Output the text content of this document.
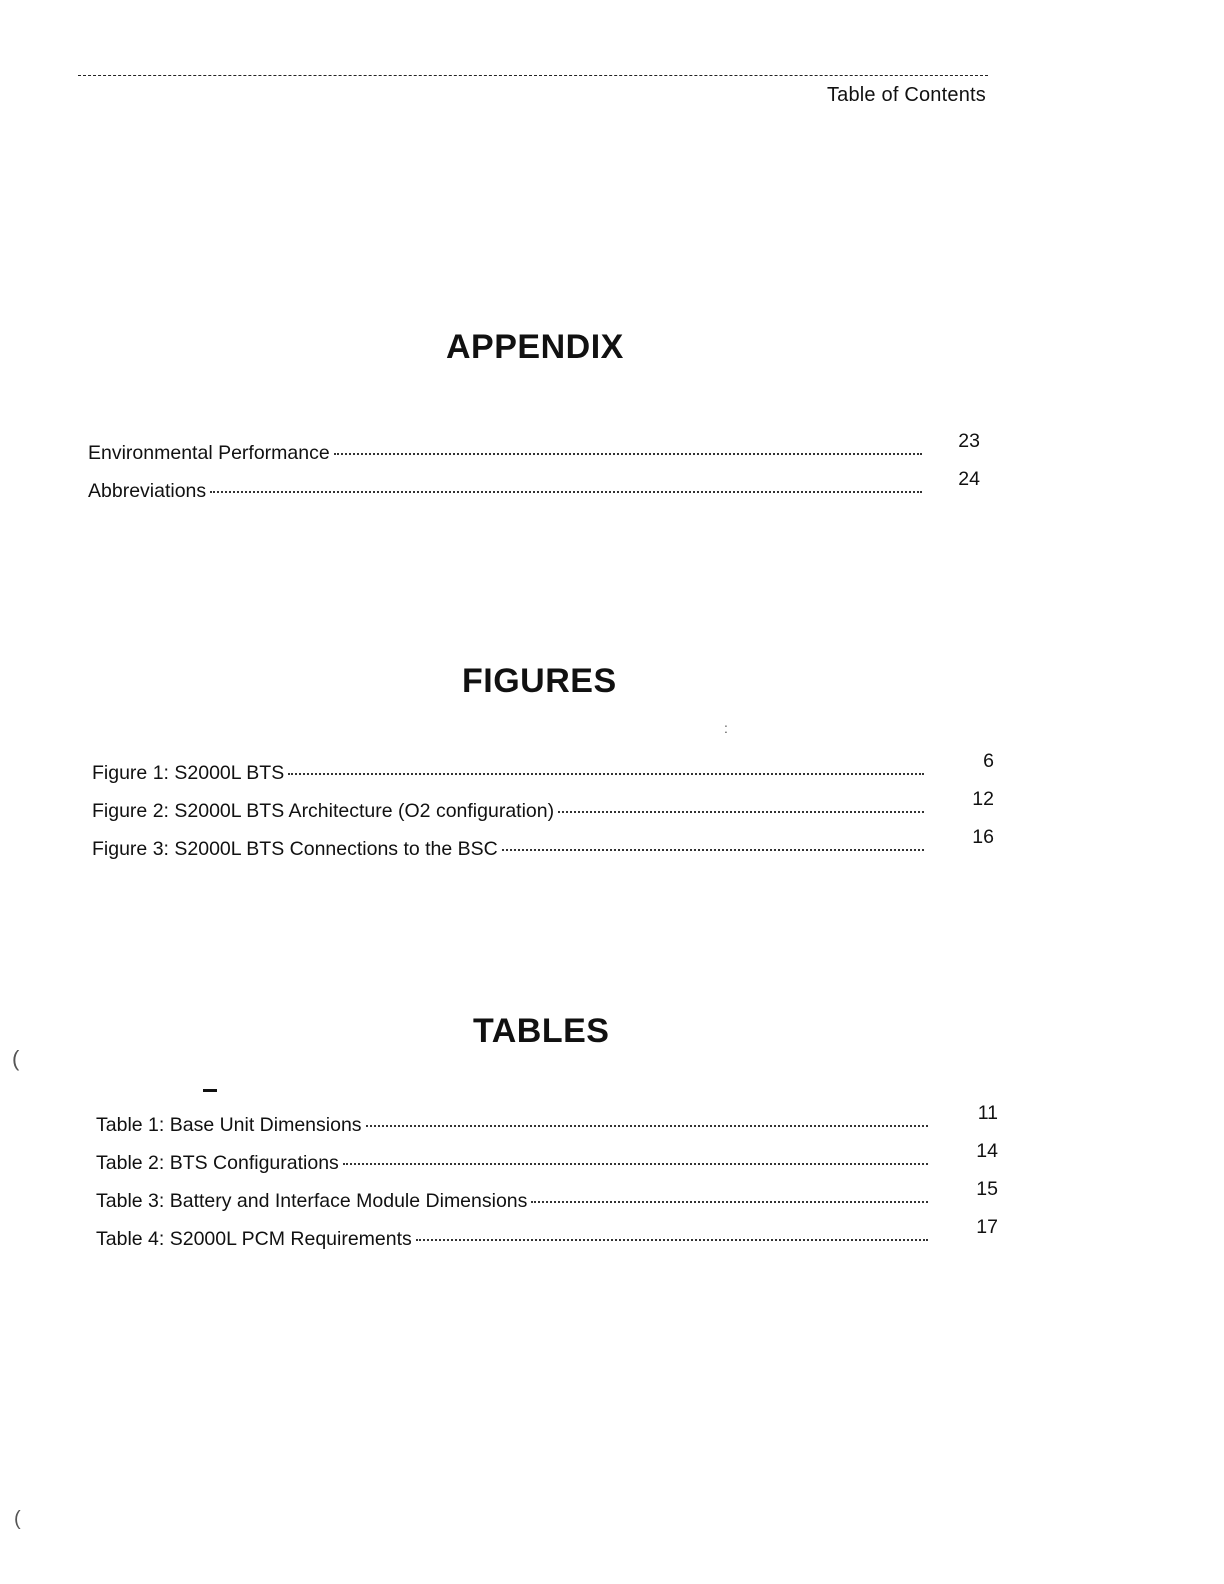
Table of Contents
APPENDIX
Environmental Performance
23
Abbreviations
24
FIGURES
:
Figure 1: S2000L BTS
6
Figure 2: S2000L BTS Architecture (O2 configuration)
12
Figure 3: S2000L BTS Connections to the BSC
16
TABLES
Table 1: Base Unit Dimensions
11
Table 2: BTS Configurations
14
Table 3: Battery and Interface Module Dimensions
15
Table 4: S2000L PCM Requirements
17
(
(
